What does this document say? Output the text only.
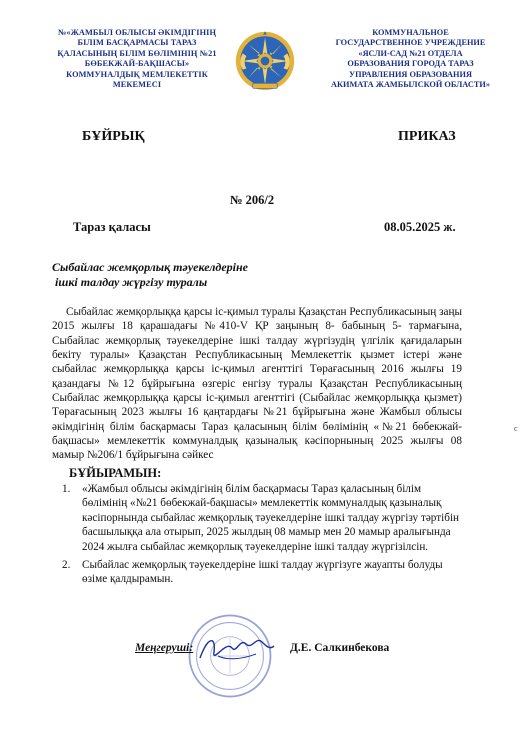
№«ЖАМБЫЛ ОБЛЫСЫ ӘКІМДІГІНІҢ
БІЛІМ БАСҚАРМАСЫ ТАРАЗ
ҚАЛАСЫНЫҢ БІЛІМ БӨЛІМІНІҢ №21
БӨБЕКЖАЙ-БАҚШАСЫ»
КОММУНАЛДЫҚ МЕМЛЕКЕТТІК
МЕКЕМЕСІ
КОММУНАЛЬНОЕ
ГОСУДАРСТВЕННОЕ УЧРЕЖДЕНИЕ
«ЯСЛИ-САД №21 ОТДЕЛА
ОБРАЗОВАНИЯ ГОРОДА ТАРАЗ
УПРАВЛЕНИЯ ОБРАЗОВАНИЯ
АКИМАТА ЖАМБЫЛСКОЙ ОБЛАСТИ»
БҰЙРЫҚ	ПРИКАЗ
№ 206/2
Тараз қаласы	08.05.2025 ж.
Сыбайлас жемқорлық тәуекелдеріне
ішкі талдау жүргізу туралы

Сыбайлас жемқорлыққа қарсы іс-қимыл туралы Қазақстан Республикасының заңы 2015 жылғы 18 қарашадағы №410-V ҚР заңының 8- бабының 5- тармағына, Сыбайлас жемқорлық тәуекелдеріне ішкі талдау жүргізудің үлгілік қағидаларын бекіту туралы» Қазақстан Республикасының Мемлекеттік қызмет істері және сыбайлас жемқорлыққа қарсы іс-қимыл агенттігі Төрағасының 2016 жылғы 19 қазандағы №12 бұйрығына өзгеріс енгізу туралы Қазақстан Республикасының Сыбайлас жемқорлыққа қарсы іс-қимыл агенттігі (Сыбайлас жемқорлыққа қызмет) Төрағасының 2023 жылғы 16 қаңтардағы №21 бұйрығына және Жамбыл облысы әкімдігінің білім басқармасы Тараз қаласының білім бөлімінің «№21 бөбекжай-бақшасы» мемлекеттік коммуналдық қазыналық кәсіпорнының 2025 жылғы 08 мамыр №206/1 бұйрығына сәйкес

с
БҰЙЫРАМЫН:
1. «Жамбыл облысы әкімдігінің білім басқармасы Тараз қаласының білім бөлімінің «№21 бөбекжай-бақшасы» мемлекеттік коммуналдық қазыналық кәсіпорнында сыбайлас жемқорлық тәуекелдеріне ішкі талдау жүргізу тәртібін басшылыққа ала отырып, 2025 жылдың 08 мамыр мен 20 мамыр аралығында 2024 жылға сыбайлас жемқорлық тәуекелдеріне ішкі талдау жүргізілсін.
2. Сыбайлас жемқорлық тәуекелдеріне ішкі талдау жүргізуге жауапты болуды өзіме қалдырамын.
Меңгеруші:	Д.Е. Салкинбекова
